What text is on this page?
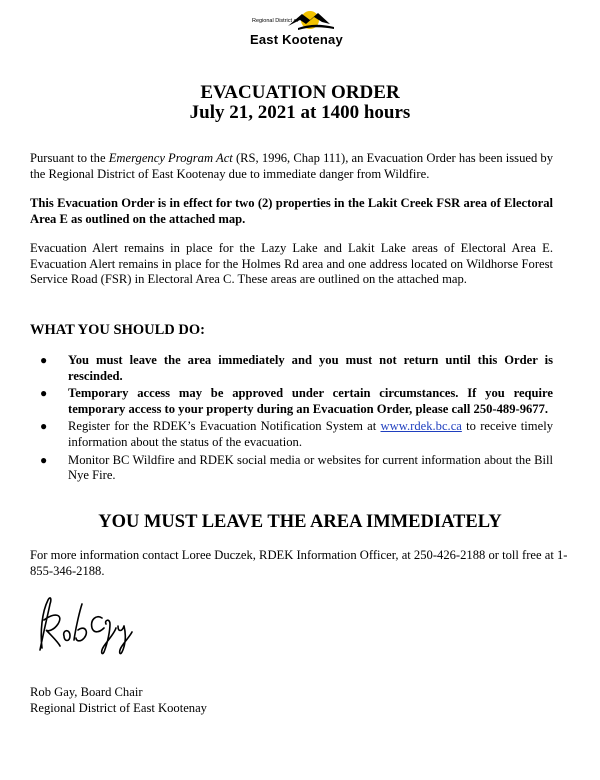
Regional District of
East Kootenay
EVACUATION ORDER
July 21, 2021 at 1400 hours
Pursuant to the Emergency Program Act (RS, 1996, Chap 111), an Evacuation Order has been issued by the Regional District of East Kootenay due to immediate danger from Wildfire.
This Evacuation Order is in effect for two (2) properties in the Lakit Creek FSR area of Electoral Area E as outlined on the attached map.
Evacuation Alert remains in place for the Lazy Lake and Lakit Lake areas of Electoral Area E. Evacuation Alert remains in place for the Holmes Rd area and one address located on Wildhorse Forest Service Road (FSR) in Electoral Area C. These areas are outlined on the attached map.
WHAT YOU SHOULD DO:
● You must leave the area immediately and you must not return until this Order is rescinded.
● Temporary access may be approved under certain circumstances. If you require temporary access to your property during an Evacuation Order, please call 250-489-9677.
● Register for the RDEK’s Evacuation Notification System at www.rdek.bc.ca to receive timely information about the status of the evacuation.
● Monitor BC Wildfire and RDEK social media or websites for current information about the Bill Nye Fire.
YOU MUST LEAVE THE AREA IMMEDIATELY
For more information contact Loree Duczek, RDEK Information Officer, at 250-426-2188 or toll free at 1-855-346-2188.
Rob Gay, Board Chair
Regional District of East Kootenay
